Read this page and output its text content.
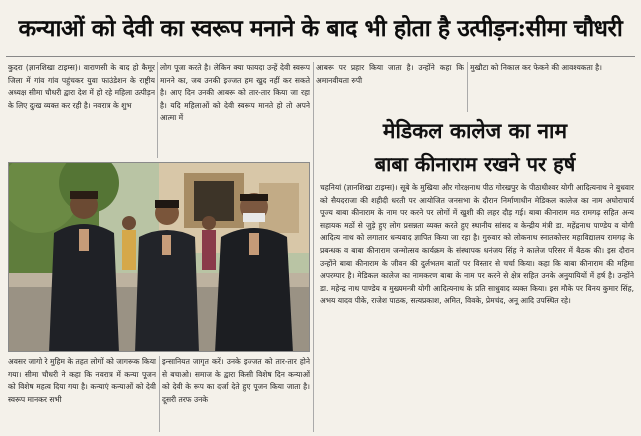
कन्याओं को देवी का स्वरूप मनाने के बाद भी होता है उत्पीड़न:सीमा चौधरी

कुदरा (ज्ञानशिखा टाइम्स)। वाराणसी के बाद हो कैमूर जिला में गांव गांव पहुंचकर युवा फाउंडेशन के राष्ट्रीय अध्यक्ष सीमा चौधरी द्वारा देश में हो रहे महिला उत्पीड़न के लिए दुःख व्यक्त कर रही है। नवरात्र के शुभ

लोग पूजा करते है। लेकिन क्या फायदा उन्हें देवी स्वरूप मानने का, जब उनकी इज्जत हम खुद नहीं कर सकते है। आए दिन उनकी आबरू को तार-तार किया जा रहा है। यदि महिलाओं को देवी स्वरूप मानते हो तो अपने आत्मा में

आबरू पर प्रहार किया जाता है। उन्होंने कहा कि अमानवीयता रुपी

मुखौटा को निकाल कर फेकने की आवश्यकता है।

अवसर जागो रे मुहिम के तहत लोगों को जागरूक किया गया। सीमा चौधरी ने कहा कि नवरात्र में कन्या पूजन को विशेष महत्व दिया गया है। कन्याएं कन्याओं को देवी स्वरूप मानकर सभी

इन्सानियत जागृत करें। उनके इज्जत को तार-तार होने से बचाओ। समाज के द्वारा किसी विशेष दिन कन्याओं को देवी के रूप का दर्जा देते हुए पूजन किया जाता है। दूसरी तरफ उनके

मेडिकल कालेज का नाम
बाबा कीनाराम रखने पर हर्ष

चहनियां (ज्ञानशिखा टाइम्स)। सूबे के मुखिया और गोरक्षनाथ पीठ गोरखपुर के पीठाधीश्वर योगी आदित्यनाथ ने बुधवार को सैयदराजा की शहीदी धरती पर आयोजित जनसभा के दौरान निर्माणाधीन मेडिकल कालेज का नाम अघोराचार्य पूज्य बाबा कीनाराम के नाम पर करने पर लोगों में खुशी की लहर दौड़ गई। बाबा कीनाराम मठ रामगढ़ सहित अन्य सहायक मठों से जुड़े हुए लोग प्रसन्नता व्यक्त करते हुए स्थानीय सांसद व केन्द्रीय मंत्री डा. महेंद्रनाथ पाण्डेय व योगी आदित्य नाथ को लगातार धन्यवाद ज्ञापित किया जा रहा है। गुरुवार को लोकनाथ स्नातकोत्तर महाविद्यालय रामगढ़ के प्रबन्धक व बाबा कीनाराम जन्मोत्सव कार्यक्रम के संस्थापक धनंजय सिंह ने कालेज परिसर में बैठक की। इस दौरान उन्होंने बाबा कीनाराम के जीवन की दुर्लभतम बातों पर विस्तार से चर्चा किया। कहा कि बाबा कीनाराम की महिमा अपरम्पार है। मेडिकल कालेज का नामकरण बाबा के नाम पर करने से क्षेत्र सहित उनके अनुयायियों में हर्ष है। उन्होंने डा. महेन्द्र नाथ पाण्डेय व मुख्यमन्त्री योगी आदित्यनाथ के प्रति साधुवाद व्यक्त किया। इस मौके पर विनय कुमार सिंह, अभय यादव पीके, राजेश पाठक, सत्यप्रकाश, अमित, विवके, प्रेमचंद, अनू आदि उपस्थित रहे।
